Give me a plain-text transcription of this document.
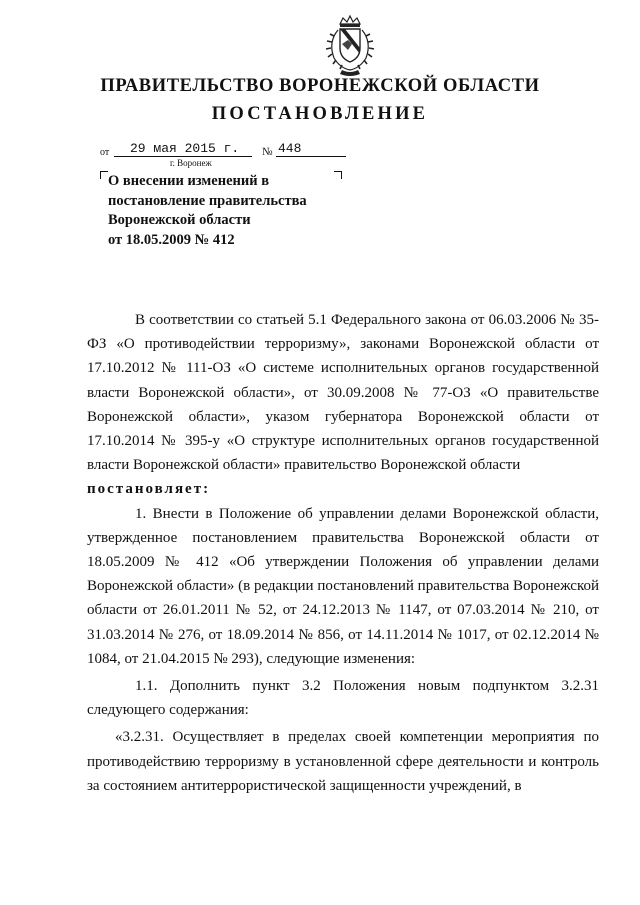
ПРАВИТЕЛЬСТВО ВОРОНЕЖСКОЙ ОБЛАСТИ
ПОСТАНОВЛЕНИЕ
от 29 мая 2015 г. № 448
г. Воронеж
О внесении изменений в
постановление правительства
Воронежской области
от 18.05.2009 № 412

В соответствии со статьей 5.1 Федерального закона от 06.03.2006 № 35-ФЗ «О противодействии терроризму», законами Воронежской области от 17.10.2012 № 111-ОЗ «О системе исполнительных органов государственной власти Воронежской области», от 30.09.2008 № 77-ОЗ «О правительстве Воронежской области», указом губернатора Воронежской области от 17.10.2014 № 395-у «О структуре исполнительных органов государственной власти Воронежской области» правительство Воронежской области

постановляет:

1. Внести в Положение об управлении делами Воронежской области, утвержденное постановлением правительства Воронежской области от 18.05.2009 № 412 «Об утверждении Положения об управлении делами Воронежской области» (в редакции постановлений правительства Воронежской области от 26.01.2011 № 52, от 24.12.2013 № 1147, от 07.03.2014 № 210, от 31.03.2014 № 276, от 18.09.2014 № 856, от 14.11.2014 № 1017, от 02.12.2014 № 1084, от 21.04.2015 № 293), следующие изменения:

1.1. Дополнить пункт 3.2 Положения новым подпунктом 3.2.31 следующего содержания:

«3.2.31. Осуществляет в пределах своей компетенции мероприятия по противодействию терроризму в установленной сфере деятельности и контроль за состоянием антитеррористической защищенности учреждений, в
